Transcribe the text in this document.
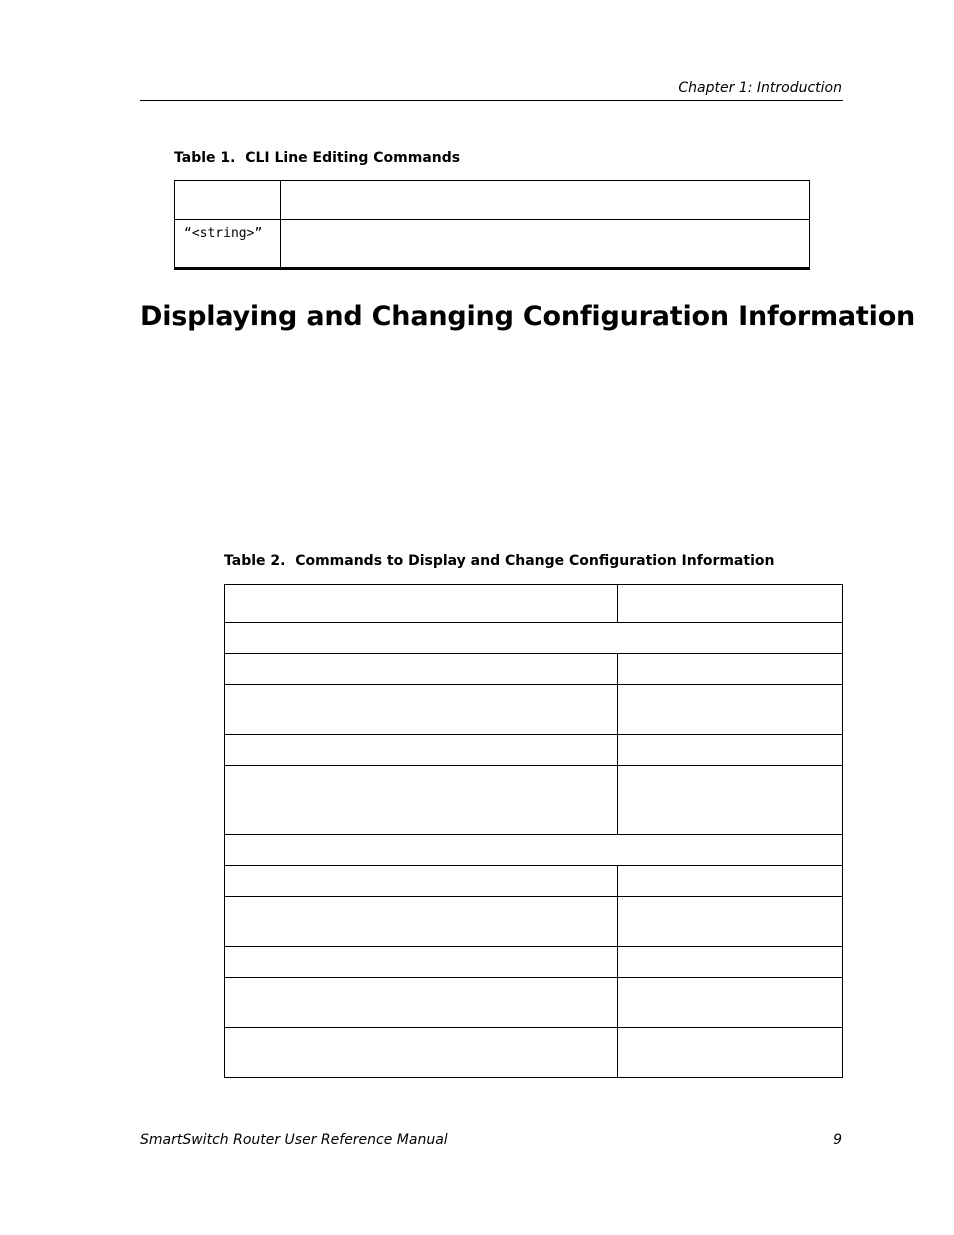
Chapter 1: Introduction
Table 1.  CLI Line Editing Commands

“<string>”	
Displaying and Changing Configuration Information
Table 2.  Commands to Display and Change Configuration Information

SmartSwitch Router User Reference Manual	9
